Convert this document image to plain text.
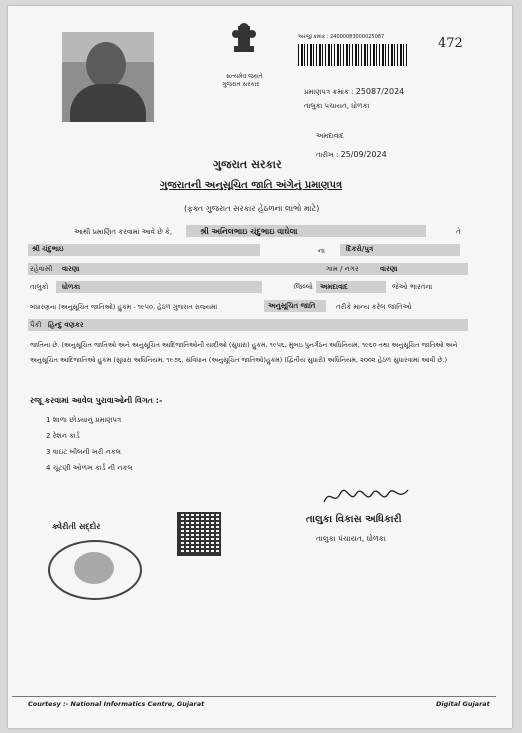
સત્યમેવ જયતે
ગુજરાત સરકાર
અરજી ક્રમાંક : 24000083000025087	472
પ્રમાણપત્ર ક્રમાંક : 25087/2024
તાલુકા પંચાયત, ધોળકા
અમદાવાદ
તારીખ : 25/09/2024
ગુજરાત સરકાર
ગુજરાતની અનુસૂચિત જાતિ અંગેનું પ્રમાણપત્ર
(ફક્ત ગુજરાત સરકાર હેઠળના લાભો માટે)
આથી પ્રમાણિત કરવામાં આવે છે કે,	શ્રી અનિલભાઇ ચંદુભાઇ વાઘેલા	તે
શ્રી ચંદુભાઇ	ના	દિકરો/પુત્ર
રહેવાસી વારણા	ગામ / નગર	વારણા
તાલુકો ધોળકા	જિલ્લો અમદાવાદ	જેઓ ભારતના
બંધારણના (અનુસૂચિત જાતિઓ) હુકમ - ૧૯૫૦, હેઠળ ગુજરાત રાજ્યમાં	અનુસૂચિત જાતિ	તરીકે માન્ય કરેલ જાતિઓ
પૈકી હિન્દુ વણકર
જાતિના છે. (અનુસૂચિત જાતિઓ અને અનુસૂચિત આદિજાતિઓની યાદીઓ (સુધારા) હુકમ, ૧૯૫૬, મુંબઇ પુનર્ગઠન અધિનિયમ, ૧૯૬૦ તથા અનુસૂચિત જાતિઓ અને અનુસૂચિત આદિજાતિઓ હુકમ (સુધારા અધિનિયમ, ૧૯૭૬, સંવિધાન (અનુસૂચિત જાતિઓ)હુકમ) (દ્વિતીય સુધારો) અધિનિયમ, ૨૦૦૨ હેઠળ સુધારવામાં આવી છે.)
રજૂ કરવામાં આવેલ પુરાવાઓની વિગત :-
1 શાળા છોડયાનુ પ્રમાણપત્ર
2 રેશન કાર્ડ
3 વાઇટ બીલની ખરી નકલ
4 ચૂંટણી ઓળખ કાર્ડ ની નકલ
તાલુકા વિકાસ અધિકારી
તાલુકા પંચાયત, ધોળકા
ક્વેરીતી સદ્દોર
Courtesy :- National Informatics Centre, Gujarat	Digital Gujarat
